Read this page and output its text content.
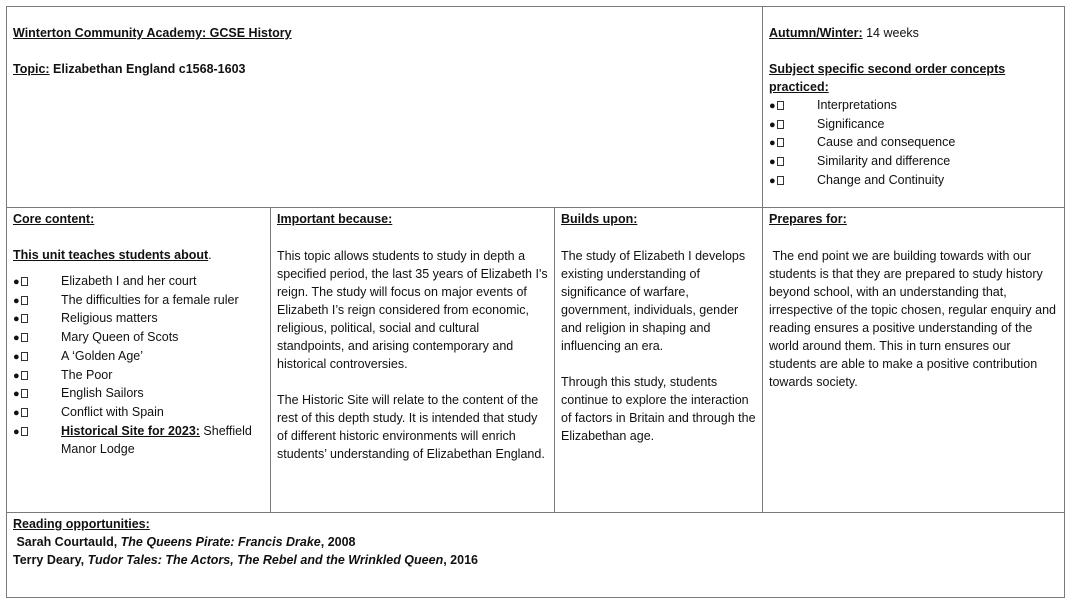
Winterton Community Academy: GCSE History
Topic: Elizabethan England c1568-1603
Autumn/Winter: 14 weeks
Subject specific second order concepts practiced:
●	Interpretations
●	Significance
●	Cause and consequence
●	Similarity and difference
●	Change and Continuity
Core content:
This unit teaches students about.
●	Elizabeth I and her court
●	The difficulties for a female ruler
●	Religious matters
●	Mary Queen of Scots
●	A ‘Golden Age’
●	The Poor
●	English Sailors
●	Conflict with Spain
●	Historical Site for 2023: Sheffield Manor Lodge
Important because:
This topic allows students to study in depth a specified period, the last 35 years of Elizabeth I's reign. The study will focus on major events of Elizabeth I’s reign considered from economic, religious, political, social and cultural standpoints, and arising contemporary and historical controversies.
The Historic Site will relate to the content of the rest of this depth study. It is intended that study of different historic environments will enrich students’ understanding of Elizabethan England.
Builds upon:
The study of Elizabeth I develops existing understanding of significance of warfare, government, individuals, gender and religion in shaping and influencing an era.
Through this study, students continue to explore the interaction of factors in Britain and through the Elizabethan age.
Prepares for:
The end point we are building towards with our students is that they are prepared to study history beyond school, with an understanding that, irrespective of the topic chosen, regular enquiry and reading ensures a positive understanding of the world around them. This in turn ensures our students are able to make a positive contribution towards society.
Reading opportunities:
Sarah Courtauld, The Queens Pirate: Francis Drake, 2008
Terry Deary, Tudor Tales: The Actors, The Rebel and the Wrinkled Queen, 2016
